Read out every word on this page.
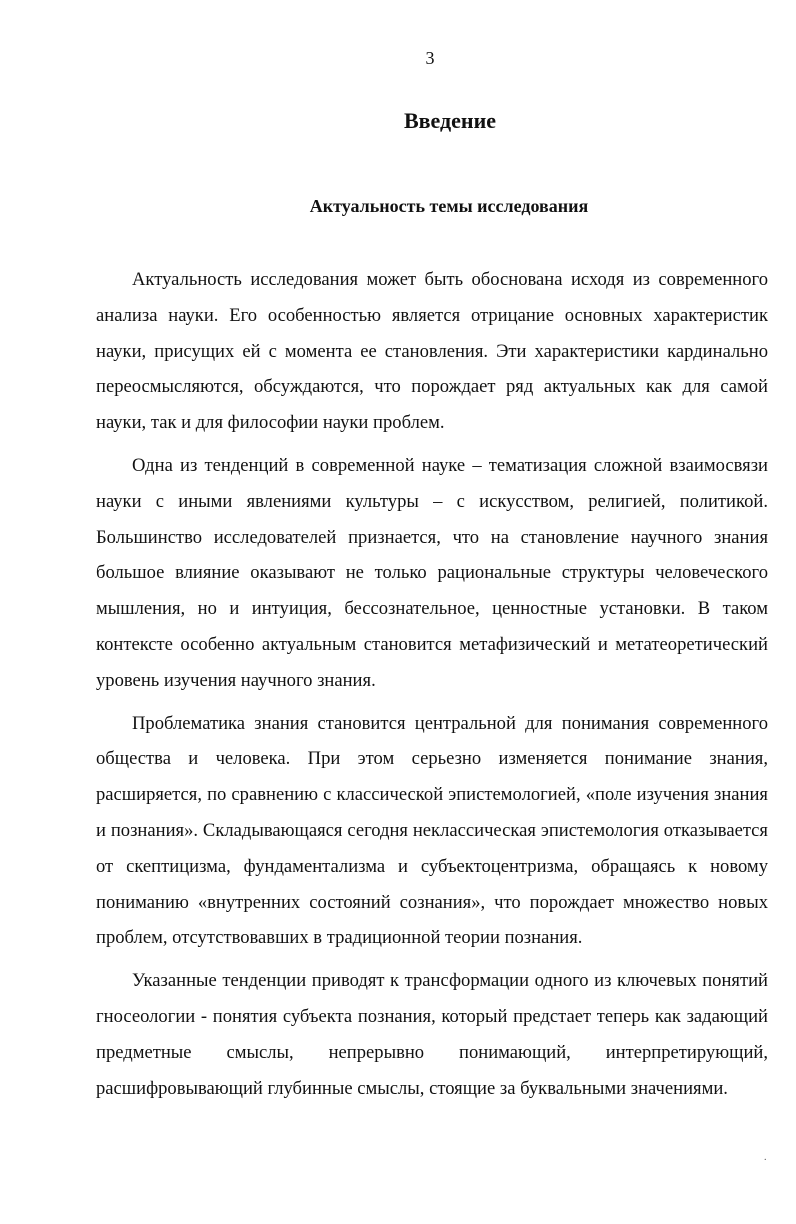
3
Введение
Актуальность темы исследования

Актуальность исследования может быть обоснована исходя из современного анализа науки. Его особенностью является отрицание основных характеристик науки, присущих ей с момента ее становления. Эти характеристики кардинально переосмысляются, обсуждаются, что порождает ряд актуальных как для самой науки, так и для философии науки проблем.

Одна из тенденций в современной науке – тематизация сложной взаимосвязи науки с иными явлениями культуры – с искусством, религией, политикой. Большинство исследователей признается, что на становление научного знания большое влияние оказывают не только рациональные структуры человеческого мышления, но и интуиция, бессознательное, ценностные установки. В таком контексте особенно актуальным становится метафизический и метатеоретический уровень изучения научного знания.

Проблематика знания становится центральной для понимания современного общества и человека. При этом серьезно изменяется понимание знания, расширяется, по сравнению с классической эпистемологией, «поле изучения знания и познания». Складывающаяся сегодня неклассическая эпистемология отказывается от скептицизма, фундаментализма и субъектоцентризма, обращаясь к новому пониманию «внутренних состояний сознания», что порождает множество новых проблем, отсутствовавших в традиционной теории познания.

Указанные тенденции приводят к трансформации одного из ключевых понятий гносеологии - понятия субъекта познания, который предстает теперь как задающий предметные смыслы, непрерывно понимающий, интерпретирующий, расшифровывающий глубинные смыслы, стоящие за буквальными значениями.

.
